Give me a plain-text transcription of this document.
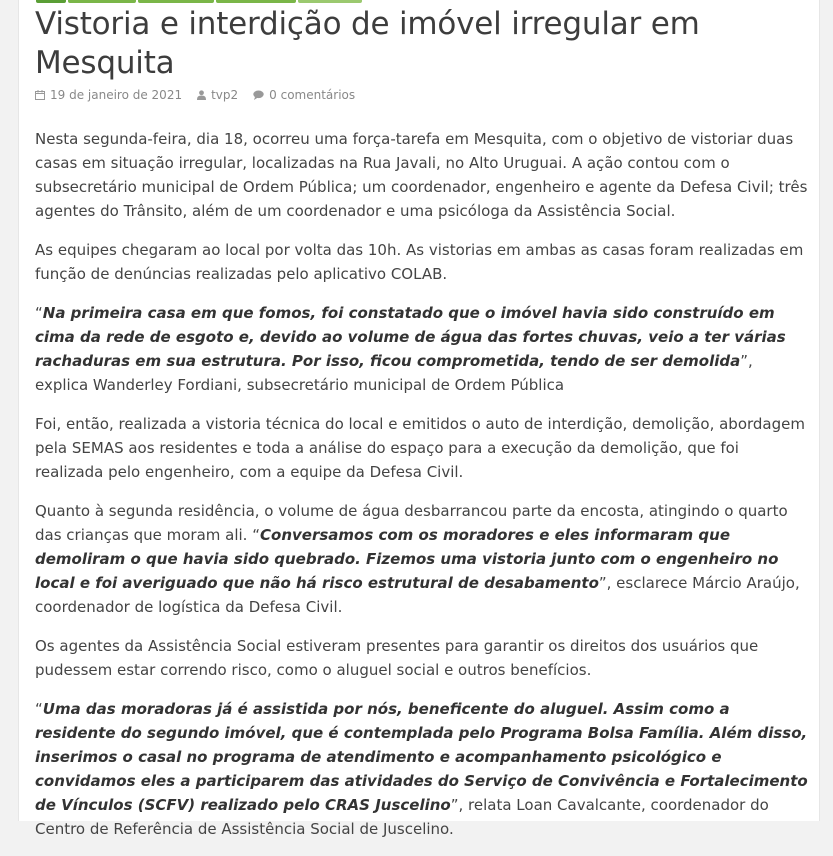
Vistoria e interdição de imóvel irregular em Mesquita
19 de janeiro de 2021 tvp2	0 comentários

Nesta segunda-feira, dia 18, ocorreu uma força-tarefa em Mesquita, com o objetivo de vistoriar duas casas em situação irregular, localizadas na Rua Javali, no Alto Uruguai. A ação contou com o subsecretário municipal de Ordem Pública; um coordenador, engenheiro e agente da Defesa Civil; três agentes do Trânsito, além de um coordenador e uma psicóloga da Assistência Social.

As equipes chegaram ao local por volta das 10h. As vistorias em ambas as casas foram realizadas em função de denúncias realizadas pelo aplicativo COLAB.

“Na primeira casa em que fomos, foi constatado que o imóvel havia sido construído em cima da rede de esgoto e, devido ao volume de água das fortes chuvas, veio a ter várias rachaduras em sua estrutura. Por isso, ficou comprometida, tendo de ser demolida”, explica Wanderley Fordiani, subsecretário municipal de Ordem Pública

Foi, então, realizada a vistoria técnica do local e emitidos o auto de interdição, demolição, abordagem pela SEMAS aos residentes e toda a análise do espaço para a execução da demolição, que foi realizada pelo engenheiro, com a equipe da Defesa Civil.

Quanto à segunda residência, o volume de água desbarrancou parte da encosta, atingindo o quarto das crianças que moram ali. “Conversamos com os moradores e eles informaram que demoliram o que havia sido quebrado. Fizemos uma vistoria junto com o engenheiro no local e foi averiguado que não há risco estrutural de desabamento”, esclarece Márcio Araújo, coordenador de logística da Defesa Civil.

Os agentes da Assistência Social estiveram presentes para garantir os direitos dos usuários que pudessem estar correndo risco, como o aluguel social e outros benefícios.

“Uma das moradoras já é assistida por nós, beneficente do aluguel. Assim como a residente do segundo imóvel, que é contemplada pelo Programa Bolsa Família. Além disso, inserimos o casal no programa de atendimento e acompanhamento psicológico e convidamos eles a participarem das atividades do Serviço de Convivência e Fortalecimento de Vínculos (SCFV) realizado pelo CRAS Juscelino”, relata Loan Cavalcante, coordenador do Centro de Referência de Assistência Social de Juscelino.
